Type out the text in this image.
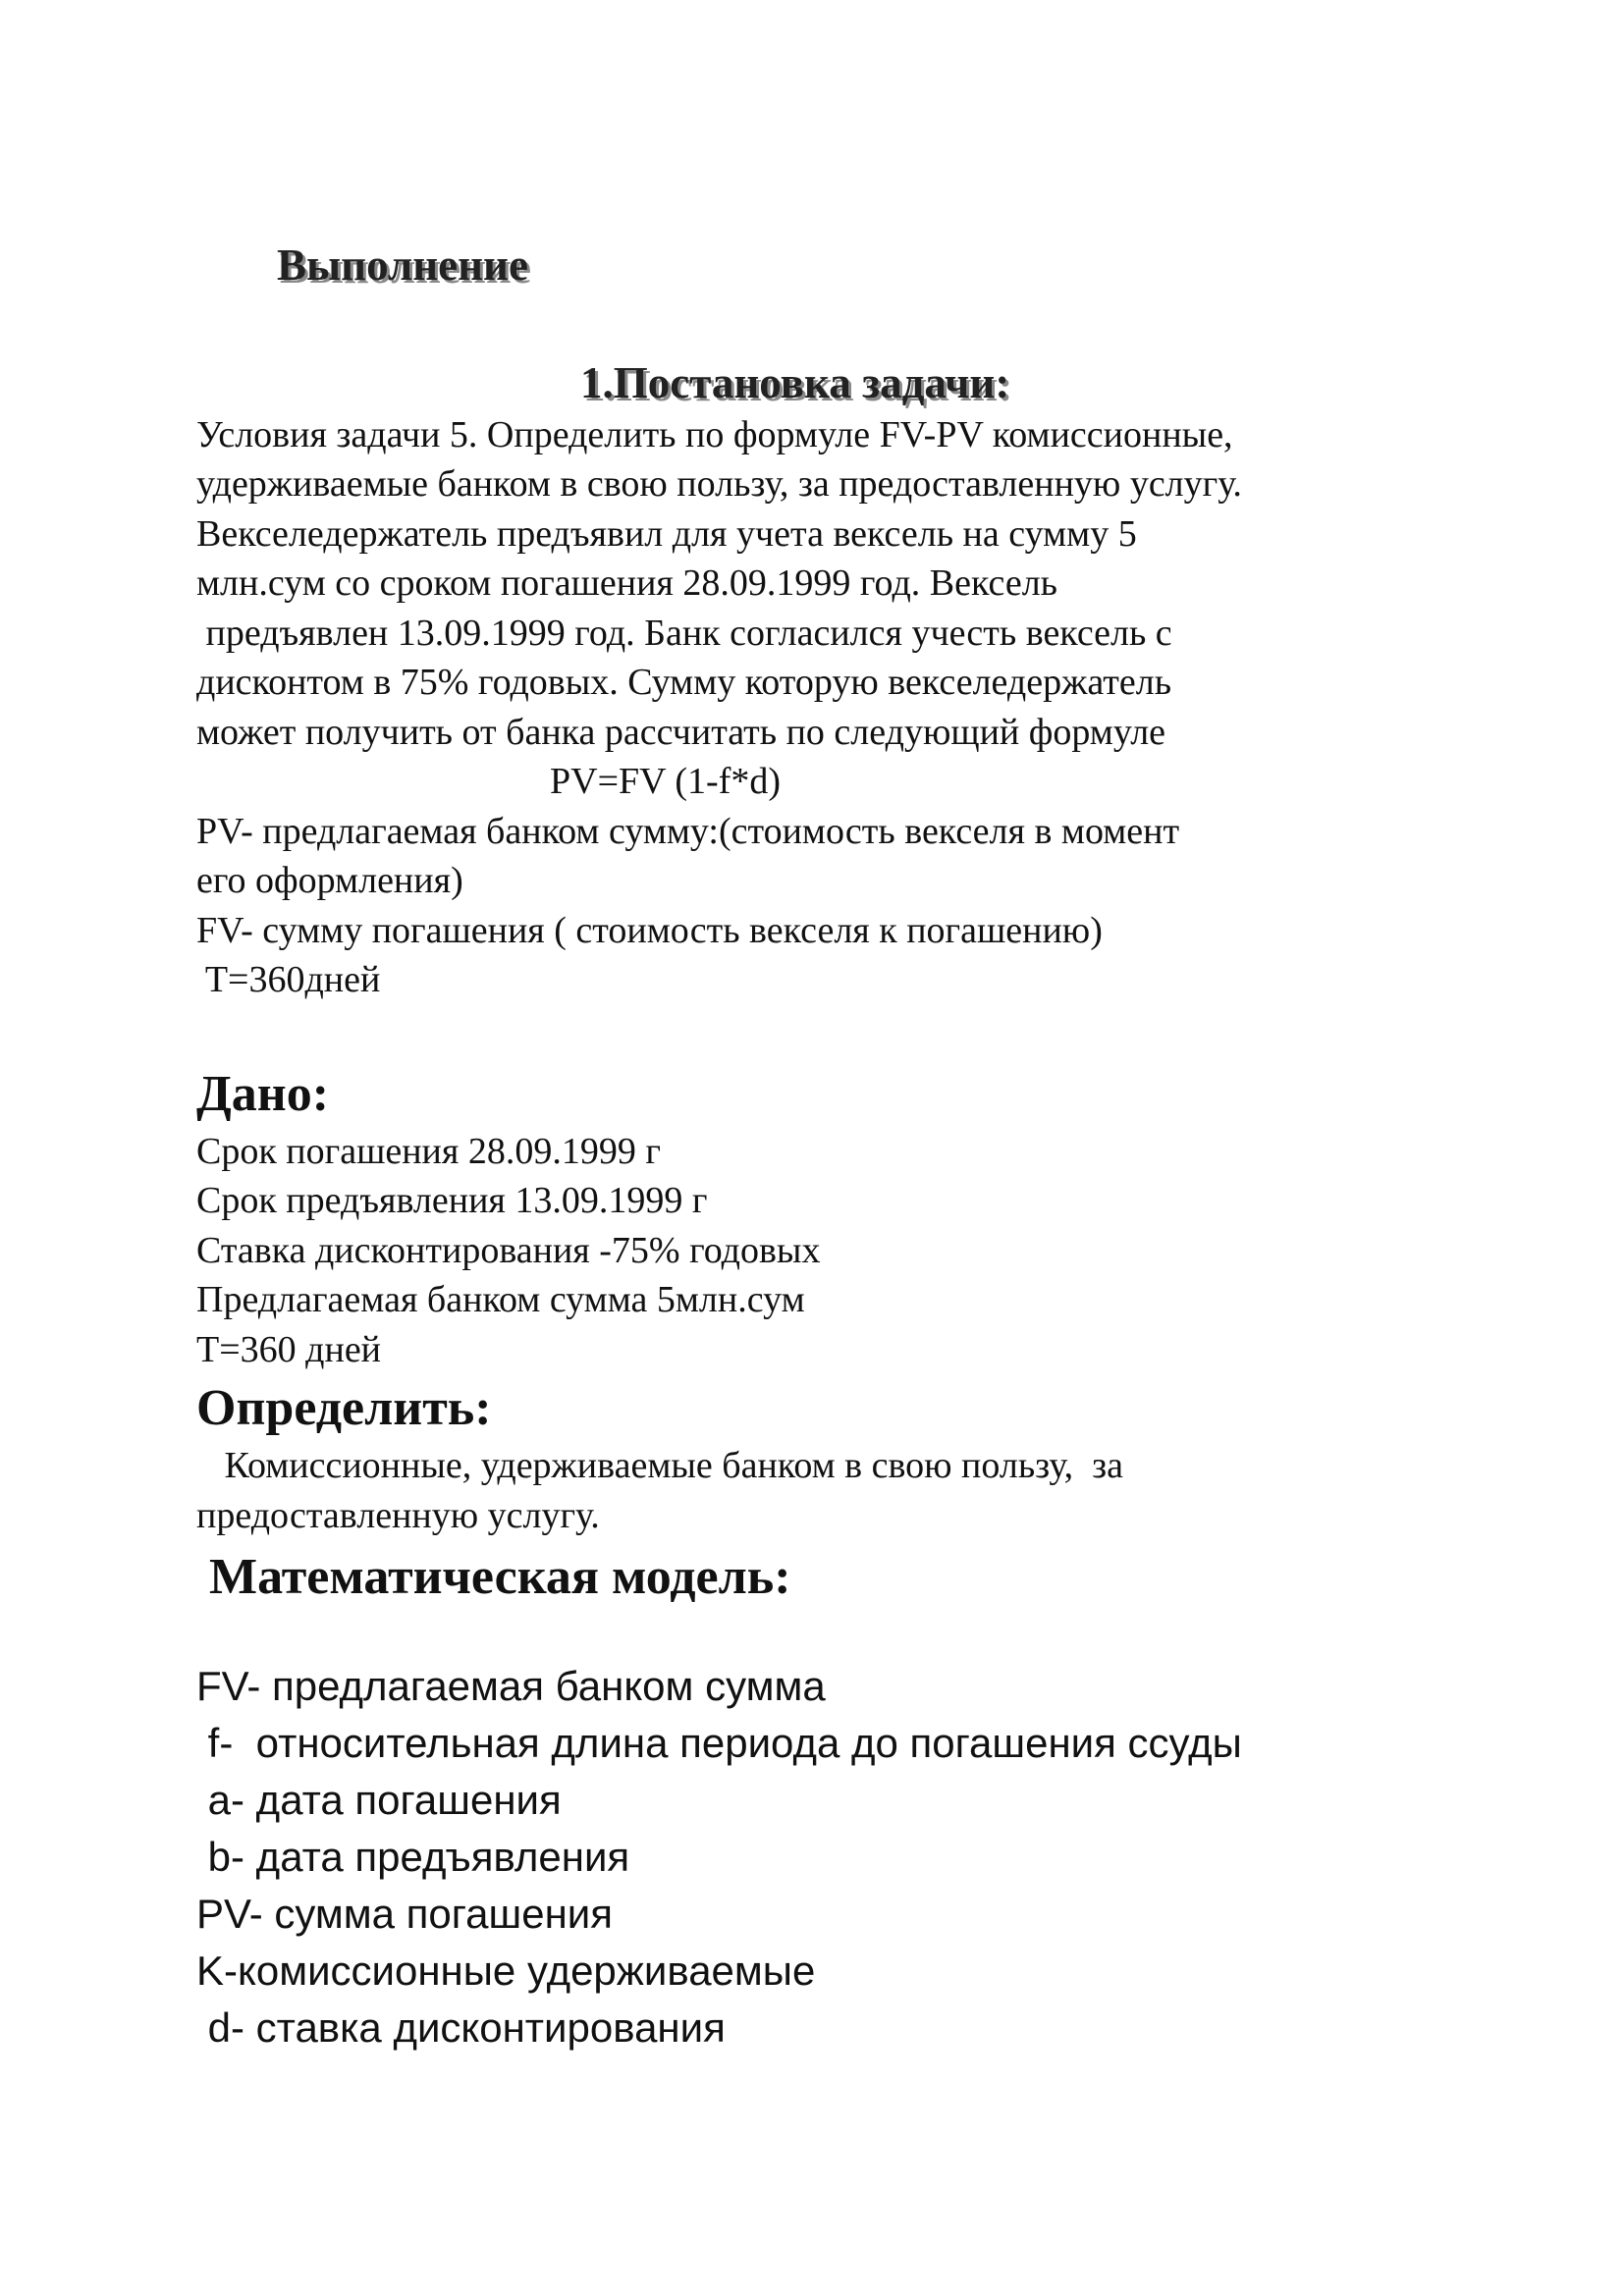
Выполнение
1.Постановка задачи:
Условия задачи 5. Определить по формуле FV-PV комиссионные,
удерживаемые банком в свою пользу, за предоставленную услугу.
Векселедержатель предъявил для учета вексель на сумму 5
млн.сум со сроком погашения 28.09.1999 год. Вексель
предъявлен 13.09.1999 год. Банк согласился учесть вексель с
дисконтом в 75% годовых. Сумму которую векселедержатель
может получить от банка рассчитать по следующий формуле
PV=FV (1-f*d)
PV- предлагаемая банком сумму:(стоимость векселя в момент
его оформления)
FV- сумму погашения ( стоимость векселя к погашению)
T=360дней
Дано:
Срок погашения 28.09.1999 г
Срок предъявления 13.09.1999 г
Ставка дисконтирования -75% годовых
Предлагаемая банком сумма 5млн.сум
T=360 дней
Определить:
Комиссионные, удерживаемые банком в свою пользу,  за
предоставленную услугу.
Математическая модель:
FV- предлагаемая банком сумма
f-  относительная длина периода до погашения ссуды
a- дата погашения
b- дата предъявления
PV- сумма погашения
K-комиссионные удерживаемые
d- ставка дисконтирования
